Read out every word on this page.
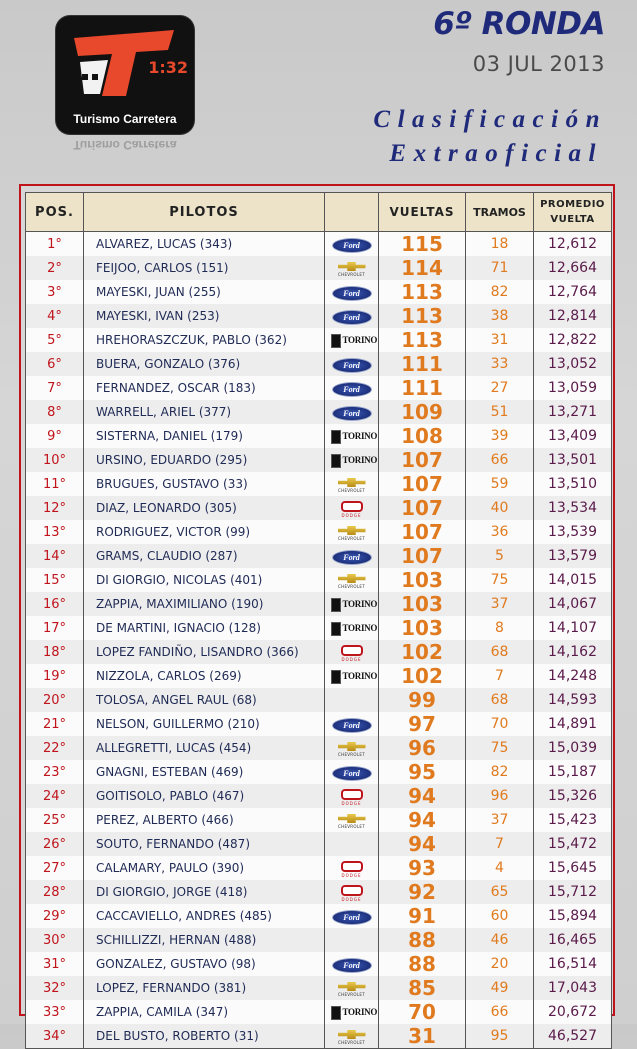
1:32
Turismo Carretera
Turismo Carretera
6º RONDA
03 JUL 2013
Clasificación
Extraoficial
POS.	PILOTOS		VUELTAS	TRAMOS	PROMEDIO
VUELTA
1°	ALVAREZ, LUCAS (343)	Ford	115	18	12,612
2°	FEIJOO, CARLOS (151)	CHEVROLET	114	71	12,664
3°	MAYESKI, JUAN (255)	Ford	113	82	12,764
4°	MAYESKI, IVAN (253)	Ford	113	38	12,814
5°	HREHORASZCZUK, PABLO (362)	TORINO	113	31	12,822
6°	BUERA, GONZALO (376)	Ford	111	33	13,052
7°	FERNANDEZ, OSCAR (183)	Ford	111	27	13,059
8°	WARRELL, ARIEL (377)	Ford	109	51	13,271
9°	SISTERNA, DANIEL (179)	TORINO	108	39	13,409
10°	URSINO, EDUARDO (295)	TORINO	107	66	13,501
11°	BRUGUES, GUSTAVO (33)	CHEVROLET	107	59	13,510
12°	DIAZ, LEONARDO (305)	DODGE	107	40	13,534
13°	RODRIGUEZ, VICTOR (99)	CHEVROLET	107	36	13,539
14°	GRAMS, CLAUDIO (287)	Ford	107	5	13,579
15°	DI GIORGIO, NICOLAS (401)	CHEVROLET	103	75	14,015
16°	ZAPPIA, MAXIMILIANO (190)	TORINO	103	37	14,067
17°	DE MARTINI, IGNACIO (128)	TORINO	103	8	14,107
18°	LOPEZ FANDIÑO, LISANDRO (366)	DODGE	102	68	14,162
19°	NIZZOLA, CARLOS (269)	TORINO	102	7	14,248
20°	TOLOSA, ANGEL RAUL (68)		99	68	14,593
21°	NELSON, GUILLERMO (210)	Ford	97	70	14,891
22°	ALLEGRETTI, LUCAS (454)	CHEVROLET	96	75	15,039
23°	GNAGNI, ESTEBAN (469)	Ford	95	82	15,187
24°	GOITISOLO, PABLO (467)	DODGE	94	96	15,326
25°	PEREZ, ALBERTO (466)	CHEVROLET	94	37	15,423
26°	SOUTO, FERNANDO (487)		94	7	15,472
27°	CALAMARY, PAULO (390)	DODGE	93	4	15,645
28°	DI GIORGIO, JORGE (418)	DODGE	92	65	15,712
29°	CACCAVIELLO, ANDRES (485)	Ford	91	60	15,894
30°	SCHILLIZZI, HERNAN (488)		88	46	16,465
31°	GONZALEZ, GUSTAVO (98)	Ford	88	20	16,514
32°	LOPEZ, FERNANDO (381)	CHEVROLET	85	49	17,043
33°	ZAPPIA, CAMILA (347)	TORINO	70	66	20,672
34°	DEL BUSTO, ROBERTO (31)	CHEVROLET	31	95	46,527
